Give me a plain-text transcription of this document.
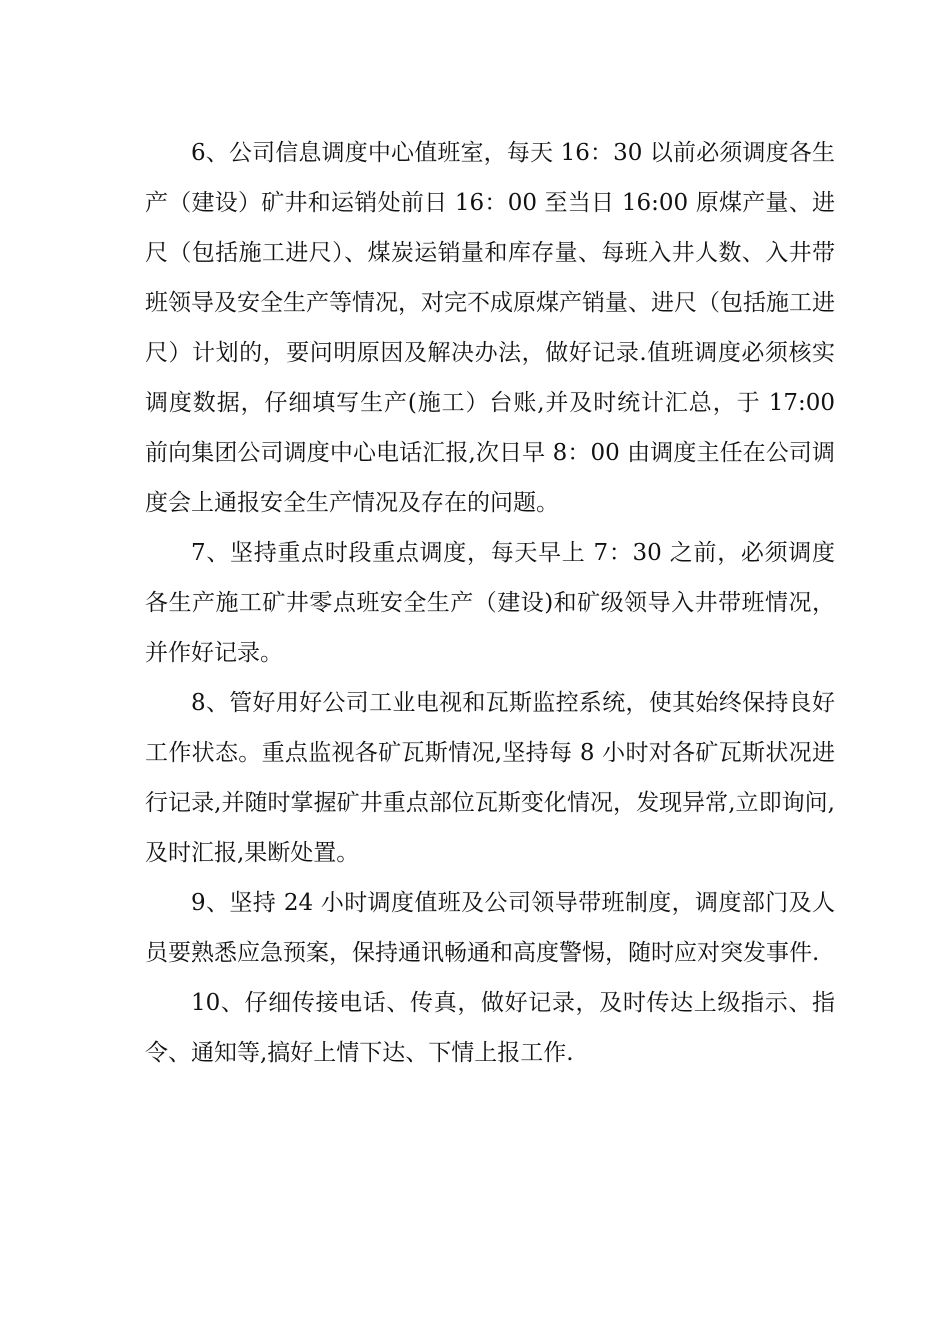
6、公司信息调度中心值班室，每天 16：30 以前必须调度各生产（建设）矿井和运销处前日 16：00 至当日 16:00 原煤产量、进尺（包括施工进尺）、煤炭运销量和库存量、每班入井人数、入井带班领导及安全生产等情况，对完不成原煤产销量、进尺（包括施工进尺）计划的，要问明原因及解决办法，做好记录.值班调度必须核实调度数据，仔细填写生产(施工）台账,并及时统计汇总，于 17:00 前向集团公司调度中心电话汇报,次日早 8：00 由调度主任在公司调度会上通报安全生产情况及存在的问题。

7、坚持重点时段重点调度，每天早上 7：30 之前，必须调度各生产施工矿井零点班安全生产（建设)和矿级领导入井带班情况，并作好记录。

8、管好用好公司工业电视和瓦斯监控系统，使其始终保持良好工作状态。重点监视各矿瓦斯情况,坚持每 8 小时对各矿瓦斯状况进行记录,并随时掌握矿井重点部位瓦斯变化情况，发现异常,立即询问,及时汇报,果断处置。

9、坚持 24 小时调度值班及公司领导带班制度，调度部门及人员要熟悉应急预案，保持通讯畅通和高度警惕，随时应对突发事件.

10、仔细传接电话、传真，做好记录，及时传达上级指示、指令、通知等,搞好上情下达、下情上报工作.
